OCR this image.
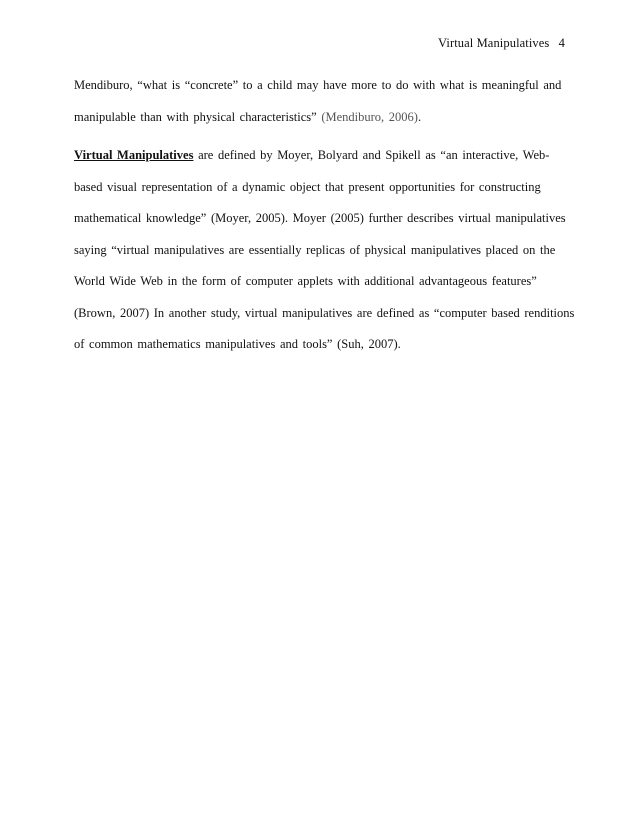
Virtual Manipulatives 4
Mendiburo, “what is “concrete” to a child may have more to do with what is meaningful and
manipulable than with physical characteristics” (Mendiburo, 2006).
Virtual Manipulatives are defined by Moyer, Bolyard and Spikell as “an interactive, Web-
based visual representation of a dynamic object that present opportunities for constructing
mathematical knowledge” (Moyer, 2005). Moyer (2005) further describes virtual manipulatives
saying “virtual manipulatives are essentially replicas of physical manipulatives placed on the
World Wide Web in the form of computer applets with additional advantageous features”
(Brown, 2007) In another study, virtual manipulatives are defined as “computer based renditions
of common mathematics manipulatives and tools” (Suh, 2007).
